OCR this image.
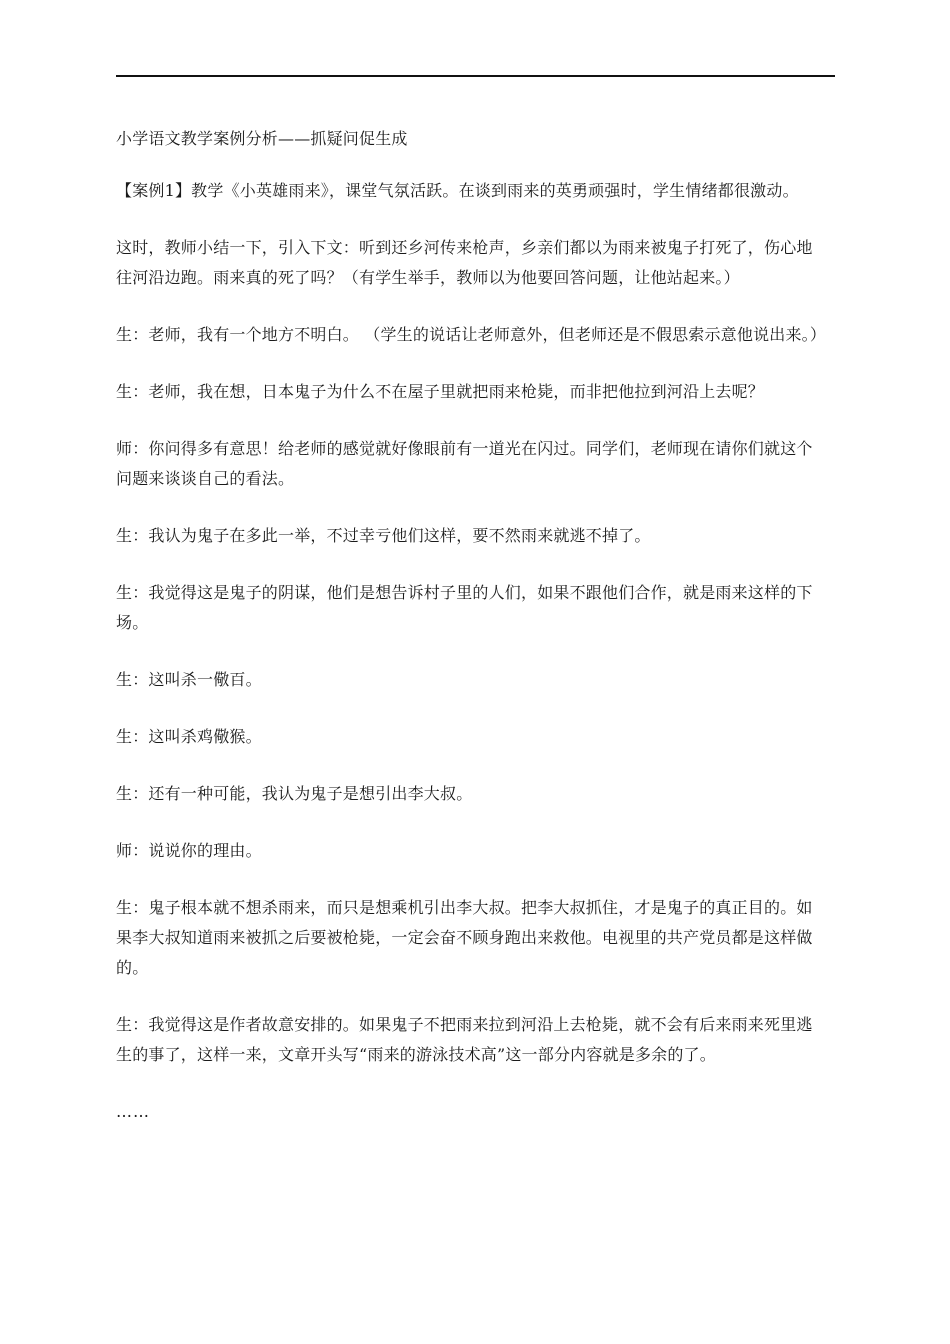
小学语文教学案例分析——抓疑问促生成

【案例1】教学《小英雄雨来》，课堂气氛活跃。在谈到雨来的英勇顽强时，学生情绪都很激动。

这时，教师小结一下，引入下文：听到还乡河传来枪声，乡亲们都以为雨来被鬼子打死了，伤心地往河沿边跑。雨来真的死了吗？（有学生举手，教师以为他要回答问题，让他站起来。）

生：老师，我有一个地方不明白。 （学生的说话让老师意外，但老师还是不假思索示意他说出来。）

生：老师，我在想，日本鬼子为什么不在屋子里就把雨来枪毙，而非把他拉到河沿上去呢？

师：你问得多有意思！给老师的感觉就好像眼前有一道光在闪过。同学们，老师现在请你们就这个问题来谈谈自己的看法。

生：我认为鬼子在多此一举，不过幸亏他们这样，要不然雨来就逃不掉了。

生：我觉得这是鬼子的阴谋，他们是想告诉村子里的人们，如果不跟他们合作，就是雨来这样的下场。

生：这叫杀一儆百。

生：这叫杀鸡儆猴。

生：还有一种可能，我认为鬼子是想引出李大叔。

师：说说你的理由。

生：鬼子根本就不想杀雨来，而只是想乘机引出李大叔。把李大叔抓住，才是鬼子的真正目的。如果李大叔知道雨来被抓之后要被枪毙，一定会奋不顾身跑出来救他。电视里的共产党员都是这样做的。

生：我觉得这是作者故意安排的。如果鬼子不把雨来拉到河沿上去枪毙，就不会有后来雨来死里逃生的事了，这样一来，文章开头写“雨来的游泳技术高”这一部分内容就是多余的了。

……
